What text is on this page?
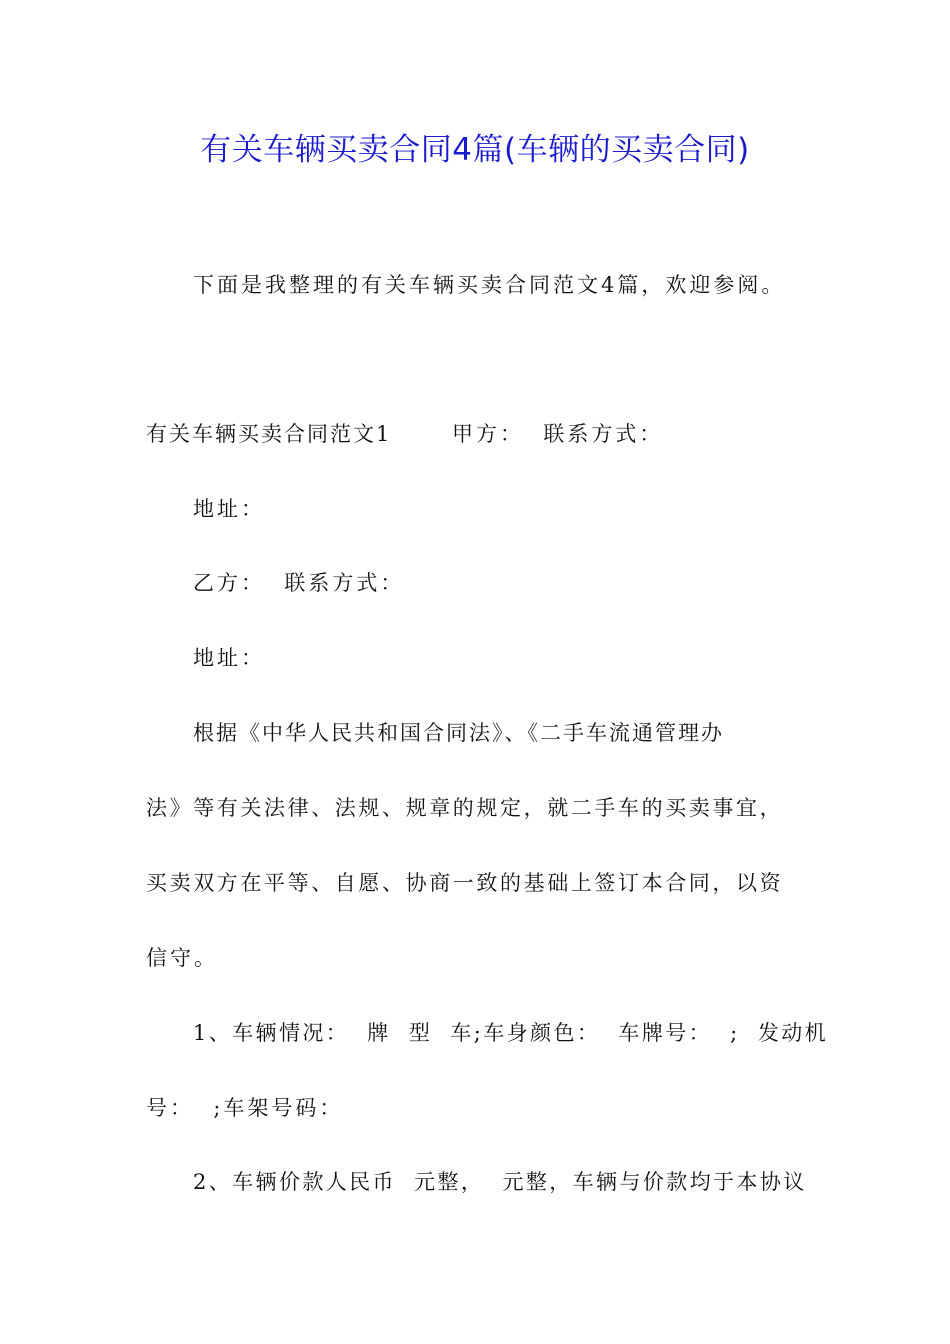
有关车辆买卖合同4篇(车辆的买卖合同)
下面是我整理的有关车辆买卖合同范文4篇，欢迎参阅。
有关车辆买卖合同范文1	甲方：  联系方式：
地址：
乙方：  联系方式：
地址：
根据《中华人民共和国合同法》、《二手车流通管理办
法》等有关法律、法规、规章的规定，就二手车的买卖事宜，
买卖双方在平等、自愿、协商一致的基础上签订本合同，以资
信守。
1、车辆情况：  牌  型  车;车身颜色：  车牌号：  ;  发动机
号：  ;车架号码：
2、车辆价款人民币  元整，  元整，车辆与价款均于本协议
